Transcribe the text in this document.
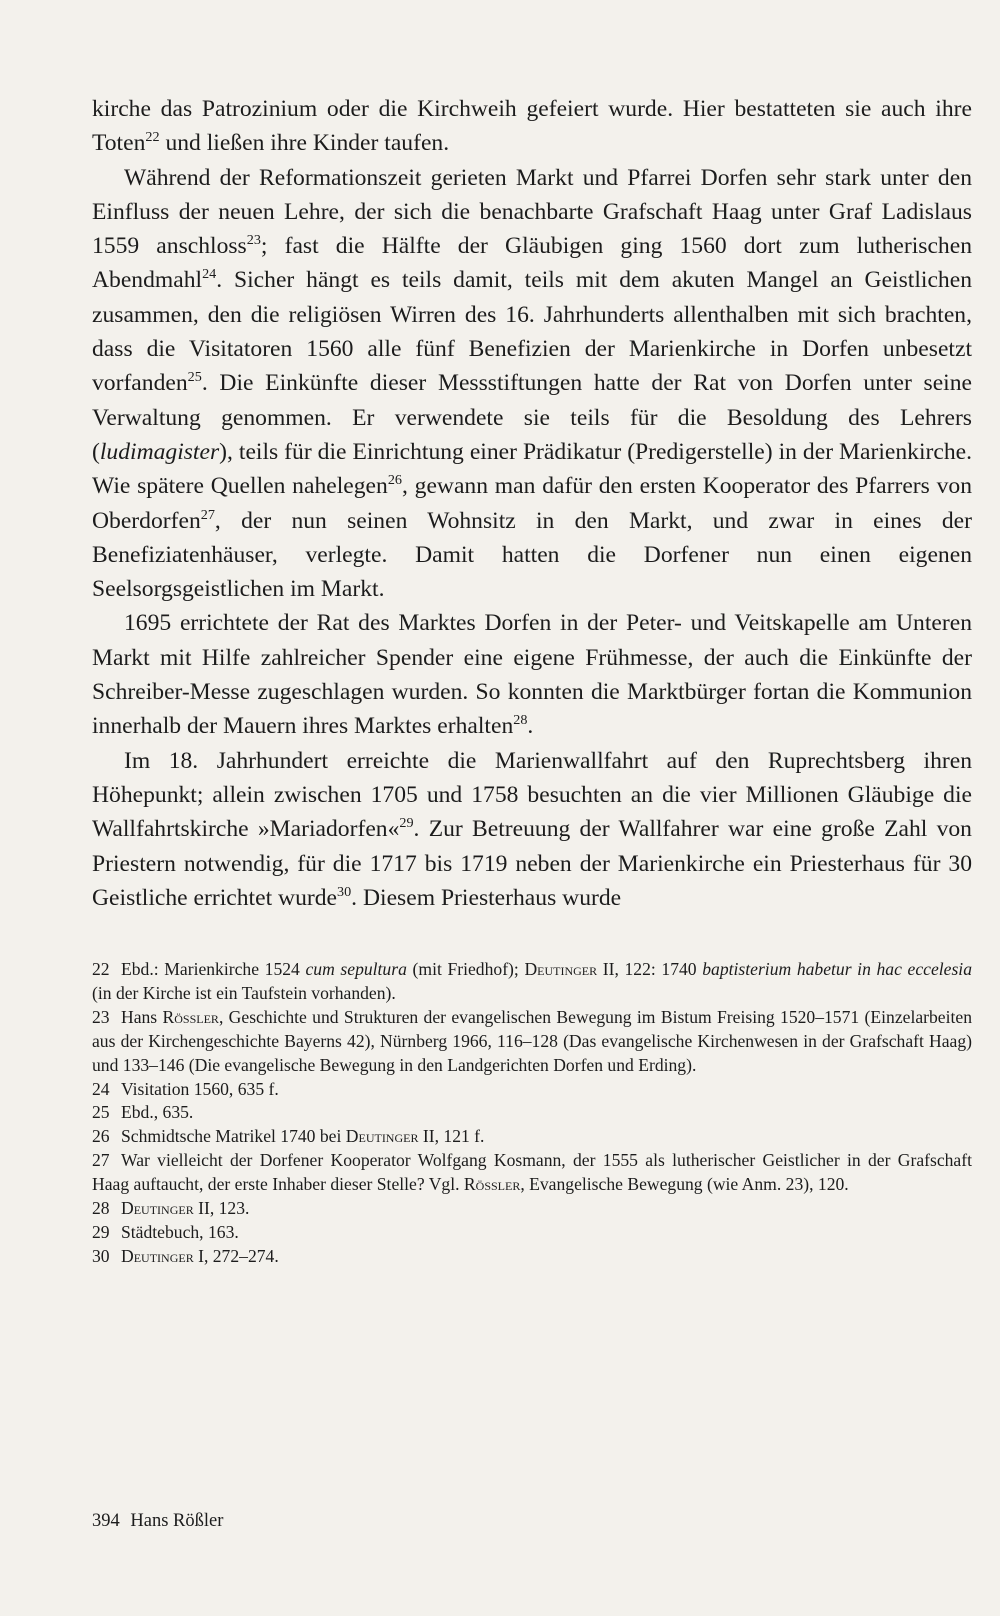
kirche das Patrozinium oder die Kirchweih gefeiert wurde. Hier bestatteten sie auch ihre Toten$^{22}$ und ließen ihre Kinder taufen.

Während der Reformationszeit gerieten Markt und Pfarrei Dorfen sehr stark unter den Einfluss der neuen Lehre, der sich die benachbarte Grafschaft Haag unter Graf Ladislaus 1559 anschloss$^{23}$; fast die Hälfte der Gläubigen ging 1560 dort zum lutherischen Abendmahl$^{24}$. Sicher hängt es teils damit, teils mit dem akuten Mangel an Geistlichen zusammen, den die religiösen Wirren des 16. Jahrhunderts allenthalben mit sich brachten, dass die Visitatoren 1560 alle fünf Benefizien der Marienkirche in Dorfen unbesetzt vorfanden$^{25}$. Die Einkünfte dieser Messstiftungen hatte der Rat von Dorfen unter seine Verwaltung genommen. Er verwendete sie teils für die Besoldung des Lehrers (ludimagister), teils für die Einrichtung einer Prädikatur (Predigerstelle) in der Marienkirche. Wie spätere Quellen nahelegen$^{26}$, gewann man dafür den ersten Kooperator des Pfarrers von Oberdorfen$^{27}$, der nun seinen Wohnsitz in den Markt, und zwar in eines der Benefiziatenhäuser, verlegte. Damit hatten die Dorfener nun einen eigenen Seelsorgsgeistlichen im Markt.

1695 errichtete der Rat des Marktes Dorfen in der Peter- und Veitskapelle am Unteren Markt mit Hilfe zahlreicher Spender eine eigene Frühmesse, der auch die Einkünfte der Schreiber-Messe zugeschlagen wurden. So konnten die Marktbürger fortan die Kommunion innerhalb der Mauern ihres Marktes erhalten$^{28}$.

Im 18. Jahrhundert erreichte die Marienwallfahrt auf den Ruprechtsberg ihren Höhepunkt; allein zwischen 1705 und 1758 besuchten an die vier Millionen Gläubige die Wallfahrtskirche »Mariadorfen«$^{29}$. Zur Betreuung der Wallfahrer war eine große Zahl von Priestern notwendig, für die 1717 bis 1719 neben der Marienkirche ein Priesterhaus für 30 Geistliche errichtet wurde$^{30}$. Diesem Priesterhaus wurde

22 Ebd.: Marienkirche 1524 cum sepultura (mit Friedhof); Deutinger II, 122: 1740 baptisterium habetur in hac eccelesia (in der Kirche ist ein Taufstein vorhanden).

23 Hans Rössler, Geschichte und Strukturen der evangelischen Bewegung im Bistum Freising 1520–1571 (Einzelarbeiten aus der Kirchengeschichte Bayerns 42), Nürnberg 1966, 116–128 (Das evangelische Kirchenwesen in der Grafschaft Haag) und 133–146 (Die evangelische Bewegung in den Landgerichten Dorfen und Erding).

24 Visitation 1560, 635 f.

25 Ebd., 635.

26 Schmidtsche Matrikel 1740 bei Deutinger II, 121 f.

27 War vielleicht der Dorfener Kooperator Wolfgang Kosmann, der 1555 als lutherischer Geistlicher in der Grafschaft Haag auftaucht, der erste Inhaber dieser Stelle? Vgl. Rössler, Evangelische Bewegung (wie Anm. 23), 120.

28 Deutinger II, 123.

29 Städtebuch, 163.

30 Deutinger I, 272–274.

394 Hans Rößler
